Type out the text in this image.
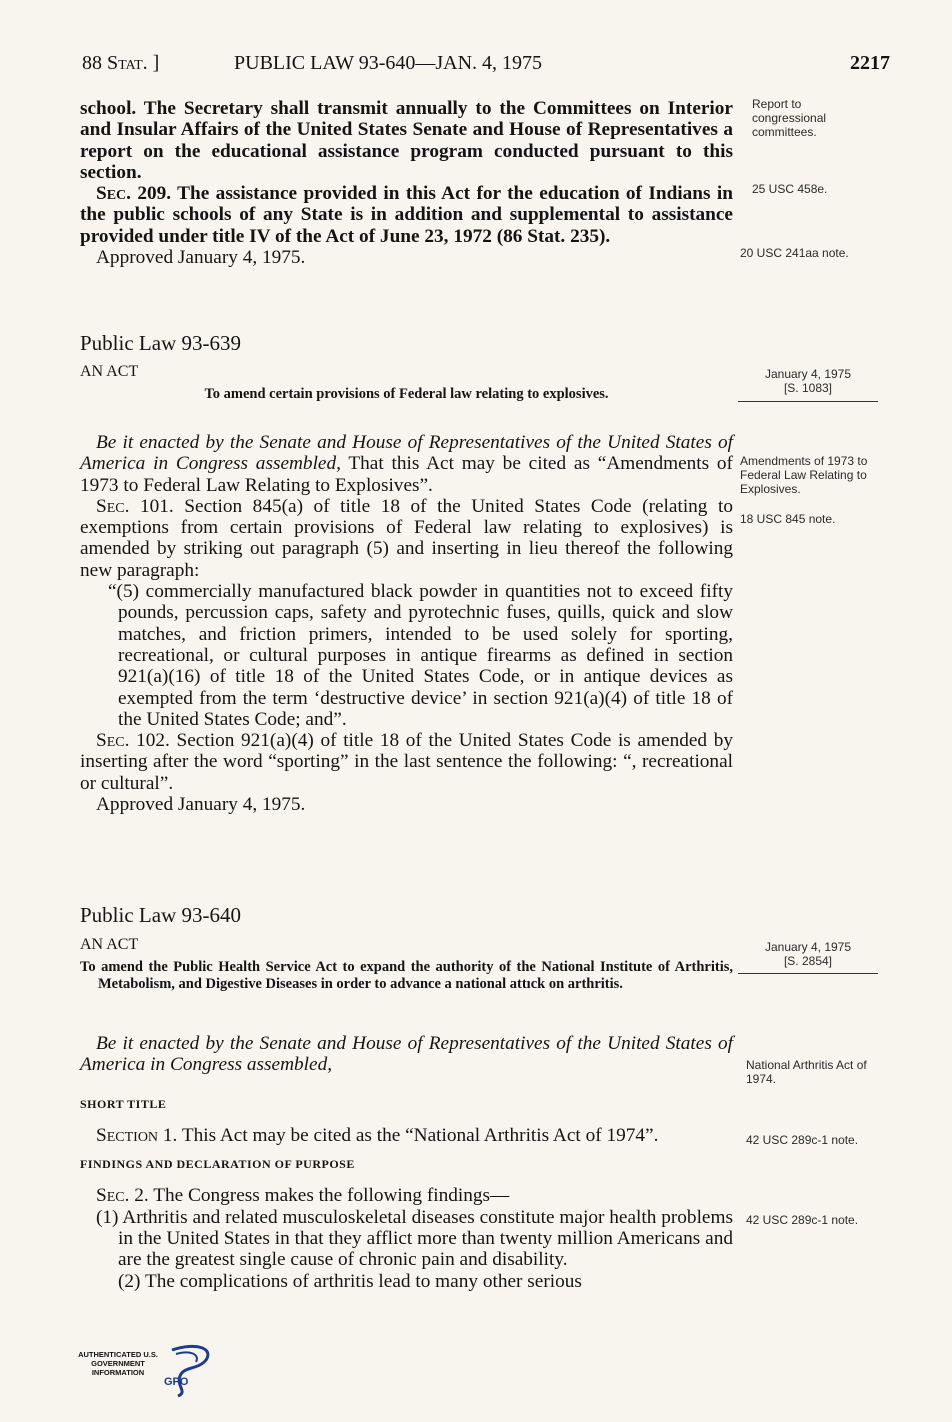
88 Stat. ]	PUBLIC LAW 93-640—JAN. 4, 1975	2217

school. The Secretary shall transmit annually to the Committees on Interior and Insular Affairs of the United States Senate and House of Representatives a report on the educational assistance program conducted pursuant to this section.

Sec. 209. The assistance provided in this Act for the education of Indians in the public schools of any State is in addition and supplemental to assistance provided under title IV of the Act of June 23, 1972 (86 Stat. 235).

Approved January 4, 1975.

Public Law 93-639

AN ACT

To amend certain provisions of Federal law relating to explosives.

Be it enacted by the Senate and House of Representatives of the United States of America in Congress assembled, That this Act may be cited as “Amendments of 1973 to Federal Law Relating to Explosives”.

Sec. 101. Section 845(a) of title 18 of the United States Code (relating to exemptions from certain provisions of Federal law relating to explosives) is amended by striking out paragraph (5) and inserting in lieu thereof the following new paragraph:

“(5) commercially manufactured black powder in quantities not to exceed fifty pounds, percussion caps, safety and pyrotechnic fuses, quills, quick and slow matches, and friction primers, intended to be used solely for sporting, recreational, or cultural purposes in antique firearms as defined in section 921(a)(16) of title 18 of the United States Code, or in antique devices as exempted from the term ‘destructive device’ in section 921(a)(4) of title 18 of the United States Code; and”.

Sec. 102. Section 921(a)(4) of title 18 of the United States Code is amended by inserting after the word “sporting” in the last sentence the following: “, recreational or cultural”.

Approved January 4, 1975.

Public Law 93-640

AN ACT

To amend the Public Health Service Act to expand the authority of the National Institute of Arthritis, Metabolism, and Digestive Diseases in order to advance a national attıck on arthritis.

Be it enacted by the Senate and House of Representatives of the United States of America in Congress assembled,

SHORT TITLE

Section 1. This Act may be cited as the “National Arthritis Act of 1974”.

FINDINGS AND DECLARATION OF PURPOSE

Sec. 2. The Congress makes the following findings—

(1) Arthritis and related musculoskeletal diseases constitute major health problems in the United States in that they afflict more than twenty million Americans and are the greatest single cause of chronic pain and disability.

(2) The complications of arthritis lead to many other serious

Report to congressional committees.
25 USC 458e.
20 USC 241aa note.
January 4, 1975
[S. 1083]
Amendments of 1973 to Federal Law Relating to Explosives.
18 USC 845 note.
January 4, 1975
[S. 2854]
National Arthritis Act of 1974.
42 USC 289c-1 note.
42 USC 289c-1 note.
AUTHENTICATED U.S. GOVERNMENT INFORMATION
GPO
